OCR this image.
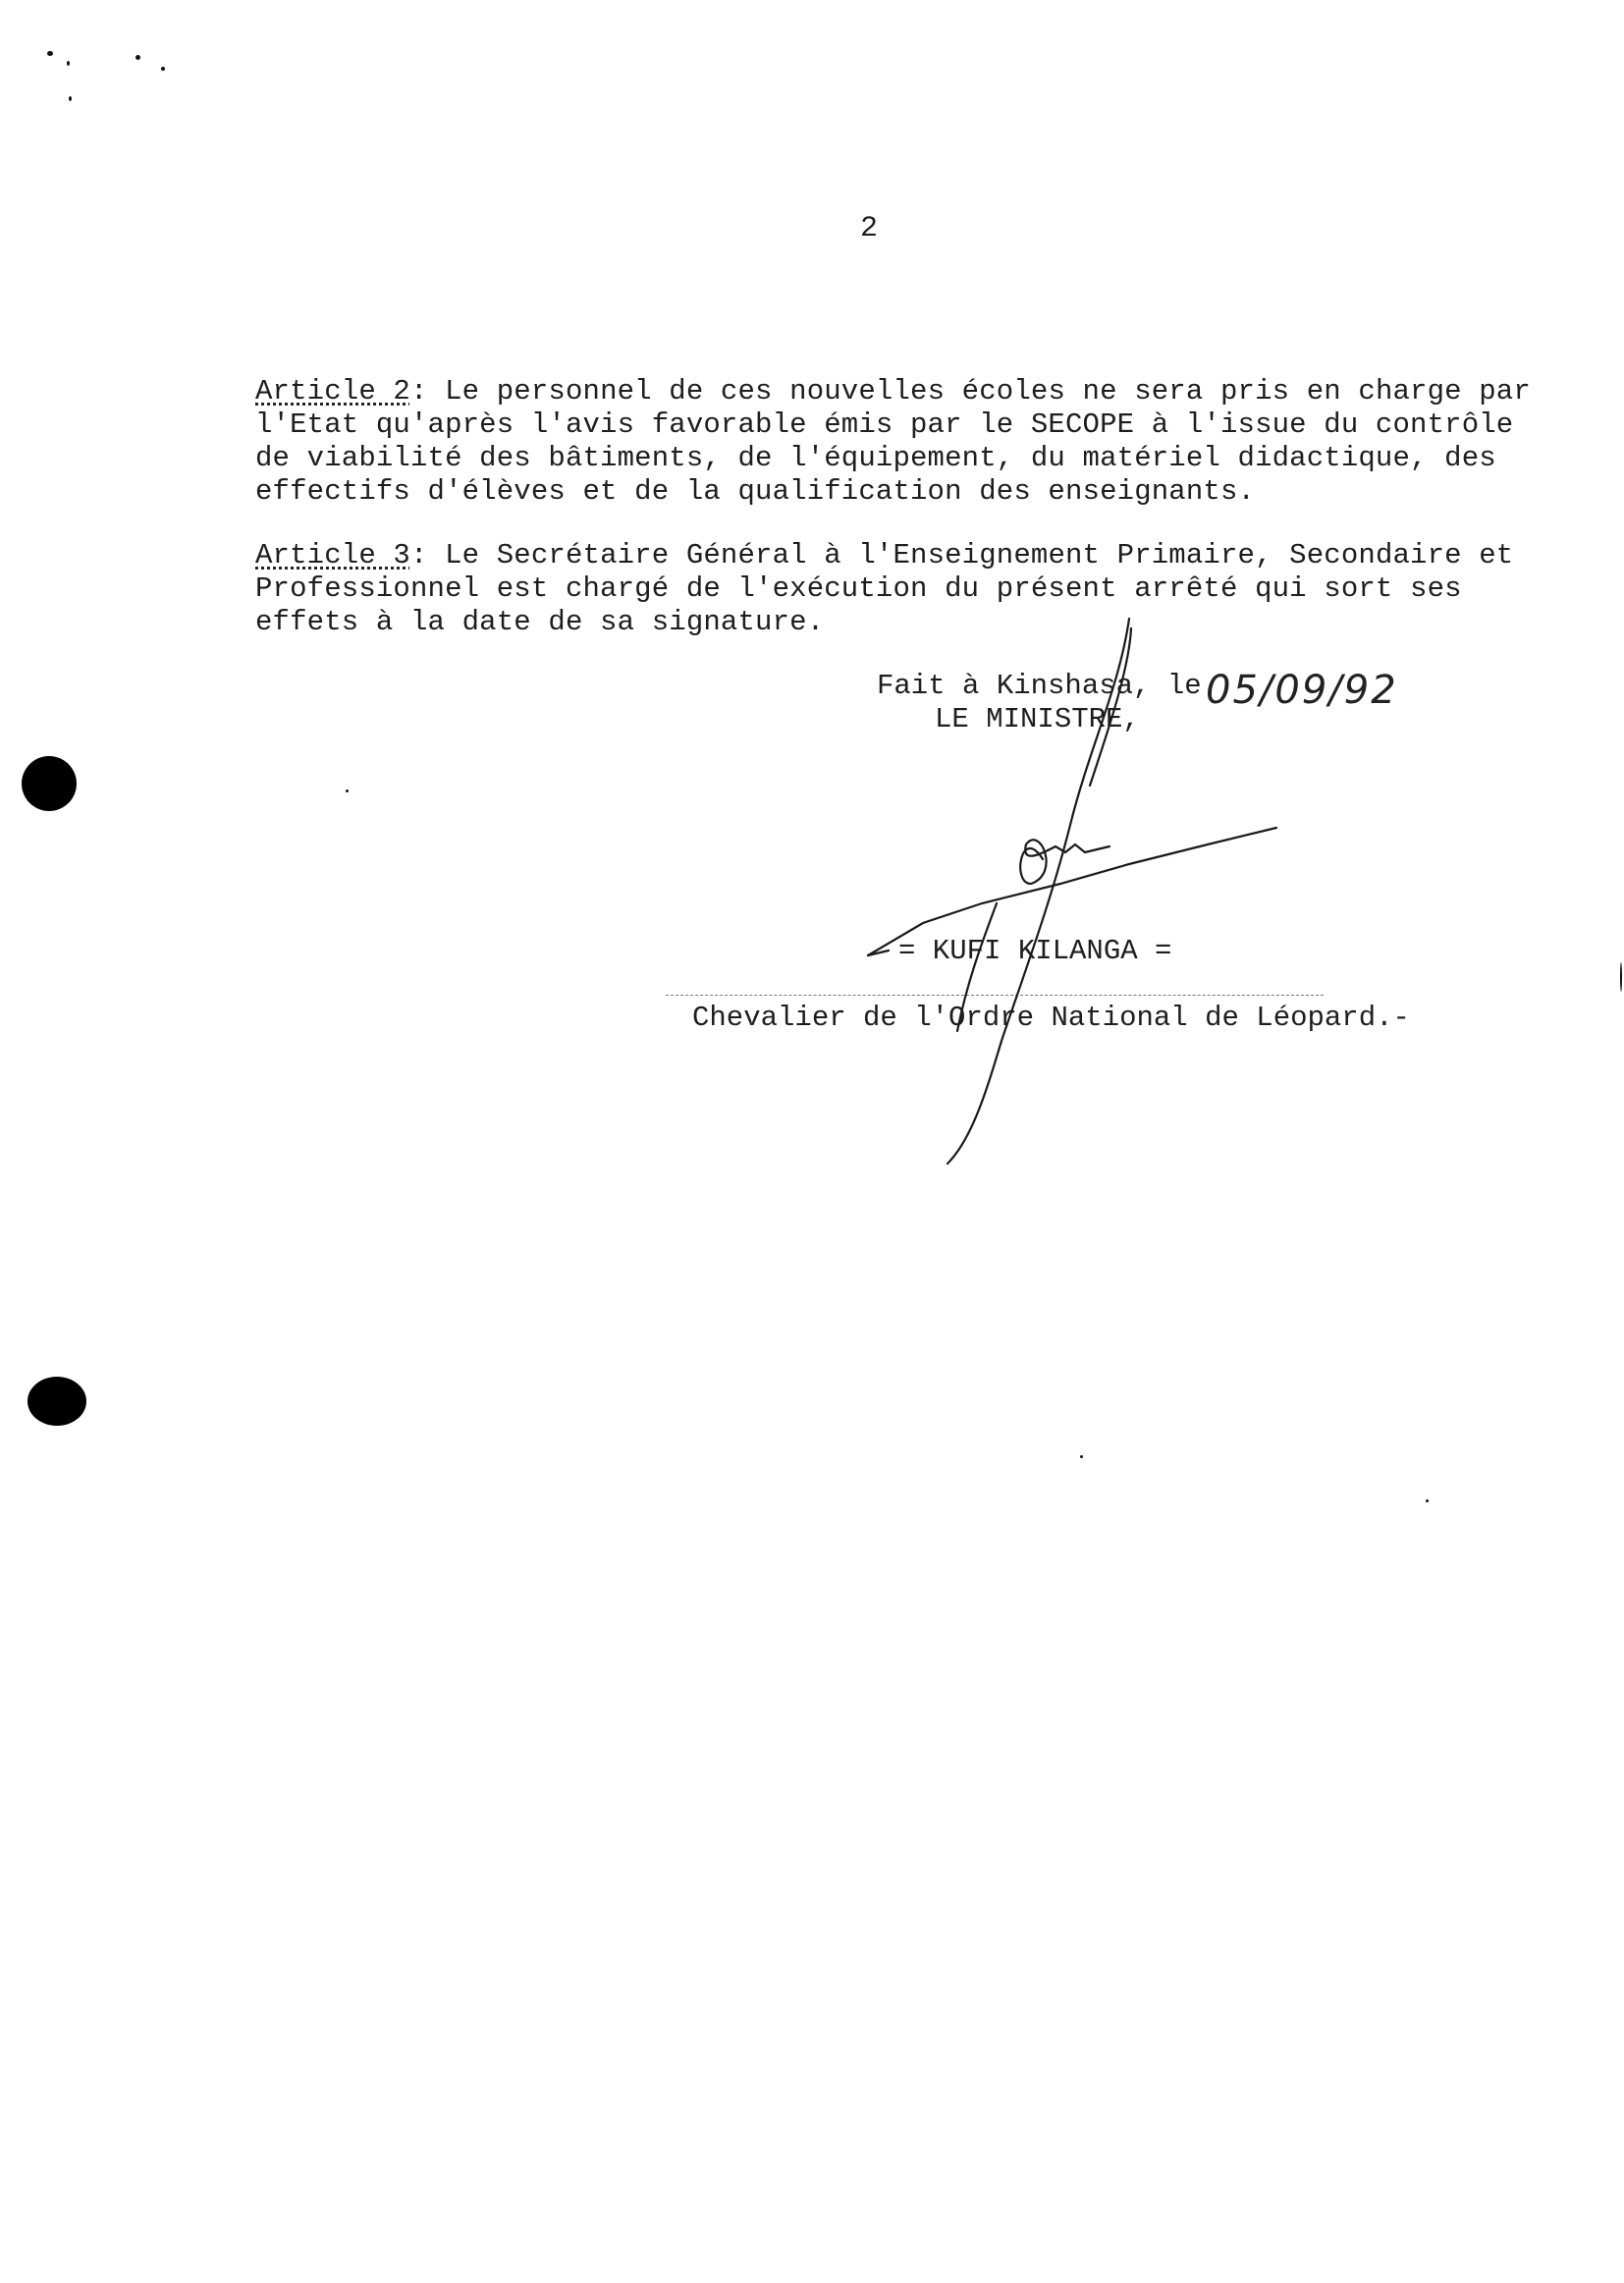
2
Article 2: Le personnel de ces nouvelles écoles ne sera pris en charge par
l'Etat qu'après l'avis favorable émis par le SECOPE à l'issue du contrôle
de viabilité des bâtiments, de l'équipement, du matériel didactique, des
effectifs d'élèves et de la qualification des enseignants.
Article 3: Le Secrétaire Général à l'Enseignement Primaire, Secondaire et
Professionnel est chargé de l'exécution du présent arrêté qui sort ses
effets à la date de sa signature.
Fait à Kinshasa, le 05/09/92
LE MINISTRE,
= KUFI KILANGA =
Chevalier de l'Ordre National de Léopard.-
